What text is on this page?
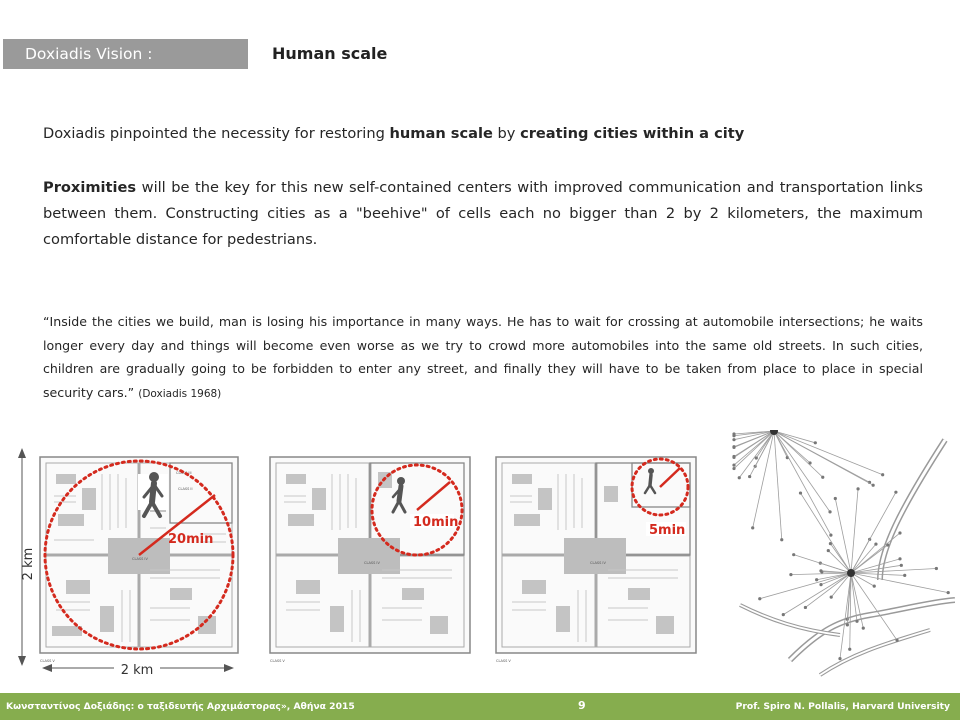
Doxiadis Vision :	Human scale
Doxiadis pinpointed the necessity for restoring human scale by creating cities within a city
Proximities will be the key for this new self-contained centers with improved communication and transportation links between them. Constructing cities as a "beehive" of cells each no bigger than 2 by 2 kilometers, the maximum comfortable distance for pedestrians.
“Inside the cities we build, man is losing his importance in many ways. He has to wait for crossing at automobile intersections; he waits longer every day and things will become even worse as we try to crowd more automobiles into the same old streets. In such cities, children are gradually going to be forbidden to enter any street, and finally they will have to be taken from place to place in special security cars.” (Doxiadis 1968)
2 km
2 km
CLASS IV
CLASS III
CLASS II
CLASS V
20min
CLASS IV
CLASS V
10min
CLASS IV
CLASS V
5min
Κωνσταντίνος Δοξιάδης: ο ταξιδευτής Αρχιμάστορας», Αθήνα 2015	9	Prof. Spiro N. Pollalis, Harvard University
